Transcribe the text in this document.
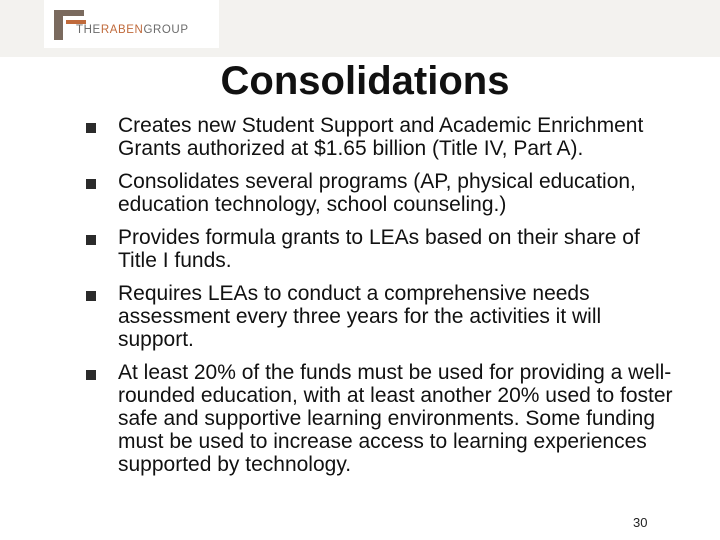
THERABENGROUP
Consolidations
Creates new Student Support and Academic Enrichment Grants authorized at $1.65 billion (Title IV, Part A).
Consolidates several programs (AP, physical education, education technology, school counseling.)
Provides formula grants to LEAs based on their share of Title I funds.
Requires LEAs to conduct a comprehensive needs assessment every three years for the activities it will support.
At least 20% of the funds must be used for providing a well-rounded education, with at least another 20% used to foster safe and supportive learning environments. Some funding must be used to increase access to learning experiences supported by technology.
30
